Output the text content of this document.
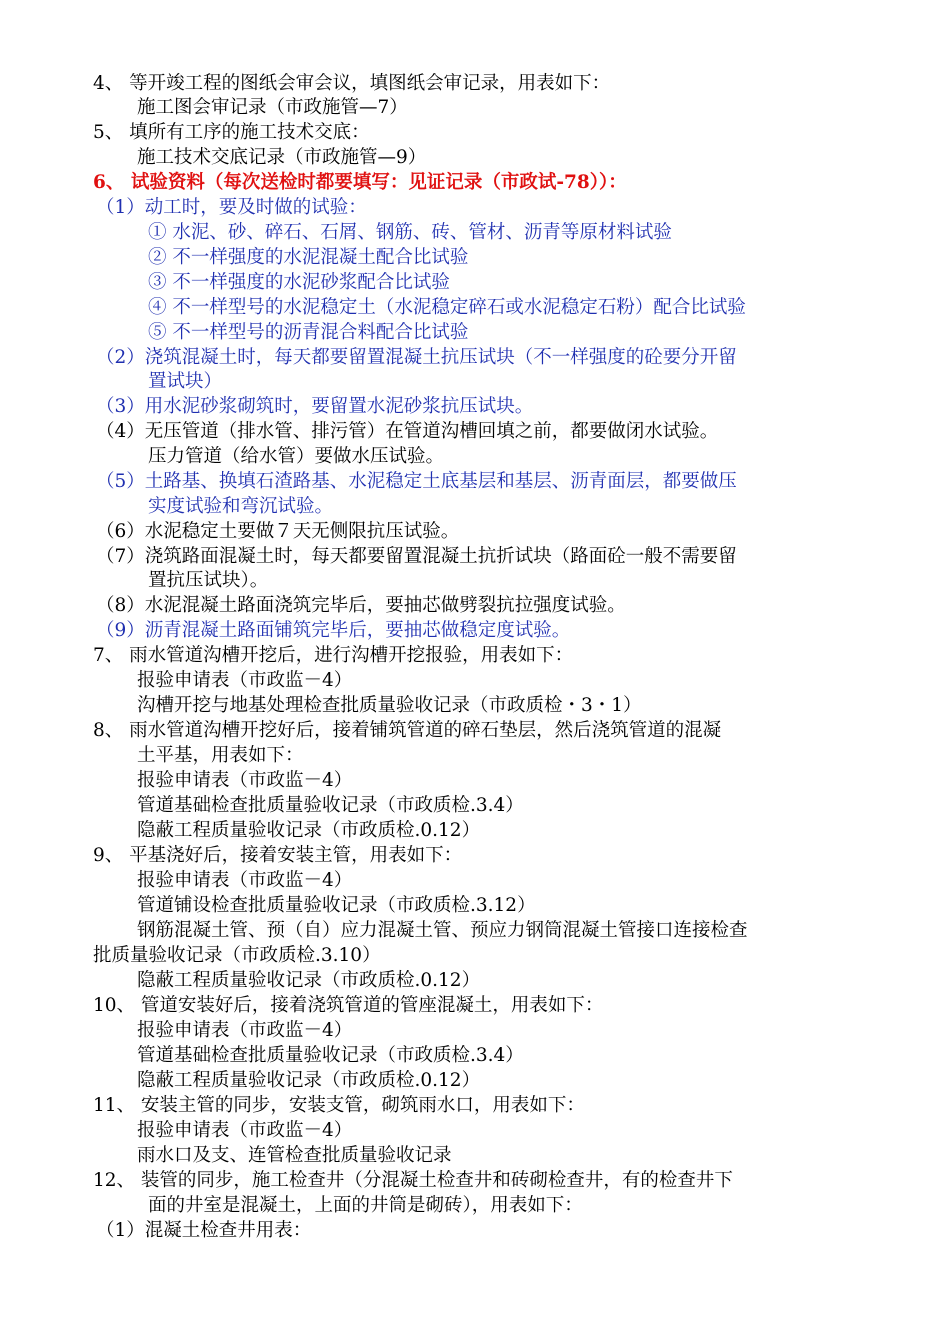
4、 等开竣工程的图纸会审会议，填图纸会审记录，用表如下：
施工图会审记录（市政施管—7）
5、 填所有工序的施工技术交底：
施工技术交底记录（市政施管—9）
6、 试验资料（每次送检时都要填写：见证记录（市政试-78））：
（1）动工时，要及时做的试验：
① 水泥、砂、碎石、石屑、钢筋、砖、管材、沥青等原材料试验
② 不一样强度的水泥混凝土配合比试验
③ 不一样强度的水泥砂浆配合比试验
④ 不一样型号的水泥稳定土（水泥稳定碎石或水泥稳定石粉）配合比试验
⑤ 不一样型号的沥青混合料配合比试验
（2）浇筑混凝土时，每天都要留置混凝土抗压试块（不一样强度的砼要分开留
置试块）
（3）用水泥砂浆砌筑时，要留置水泥砂浆抗压试块。
（4）无压管道（排水管、排污管）在管道沟槽回填之前，都要做闭水试验。
压力管道（给水管）要做水压试验。
（5）土路基、换填石渣路基、水泥稳定土底基层和基层、沥青面层，都要做压
实度试验和弯沉试验。
（6）水泥稳定土要做７天无侧限抗压试验。
（7）浇筑路面混凝土时，每天都要留置混凝土抗折试块（路面砼一般不需要留
置抗压试块）。
（8）水泥混凝土路面浇筑完毕后，要抽芯做劈裂抗拉强度试验。
（9）沥青混凝土路面铺筑完毕后，要抽芯做稳定度试验。
7、 雨水管道沟槽开挖后，进行沟槽开挖报验，用表如下：
报验申请表（市政监－4）
沟槽开挖与地基处理检查批质量验收记录（市政质检・3・1）
8、 雨水管道沟槽开挖好后，接着铺筑管道的碎石垫层，然后浇筑管道的混凝
土平基，用表如下：
报验申请表（市政监－4）
管道基础检查批质量验收记录（市政质检.3.4）
隐蔽工程质量验收记录（市政质检.0.12）
9、 平基浇好后，接着安装主管，用表如下：
报验申请表（市政监－4）
管道铺设检查批质量验收记录（市政质检.3.12）
钢筋混凝土管、预（自）应力混凝土管、预应力钢筒混凝土管接口连接检查
批质量验收记录（市政质检.3.10）
隐蔽工程质量验收记录（市政质检.0.12）
10、 管道安装好后，接着浇筑管道的管座混凝土，用表如下：
报验申请表（市政监－4）
管道基础检查批质量验收记录（市政质检.3.4）
隐蔽工程质量验收记录（市政质检.0.12）
11、 安装主管的同步，安装支管，砌筑雨水口，用表如下：
报验申请表（市政监－4）
雨水口及支、连管检查批质量验收记录
12、 装管的同步，施工检查井（分混凝土检查井和砖砌检查井，有的检查井下
面的井室是混凝土，上面的井筒是砌砖），用表如下：
（1）混凝土检查井用表：
